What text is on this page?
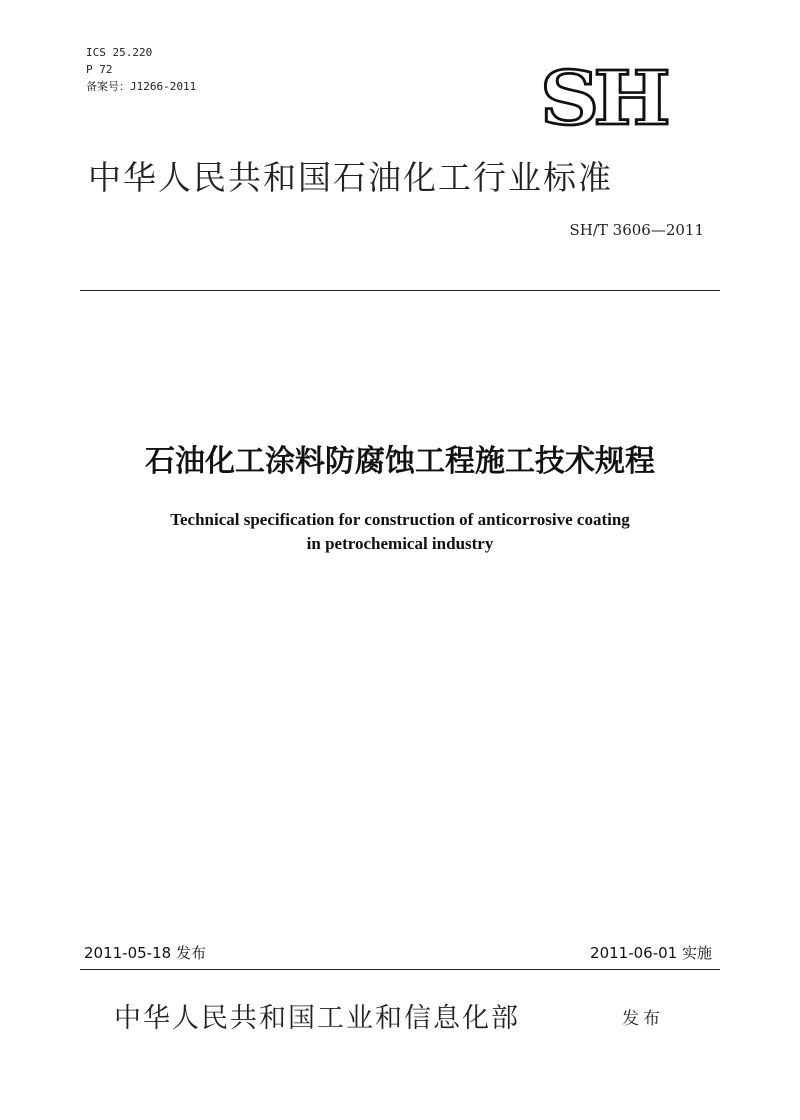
ICS 25.220
P 72
备案号：J1266-2011	SH
中华人民共和国石油化工行业标准
SH/T 3606—2011
石油化工涂料防腐蚀工程施工技术规程
Technical specification for construction of anticorrosive coating
in petrochemical industry
2011-05-18 发布	2011-06-01 实施
中华人民共和国工业和信息化部	发布
